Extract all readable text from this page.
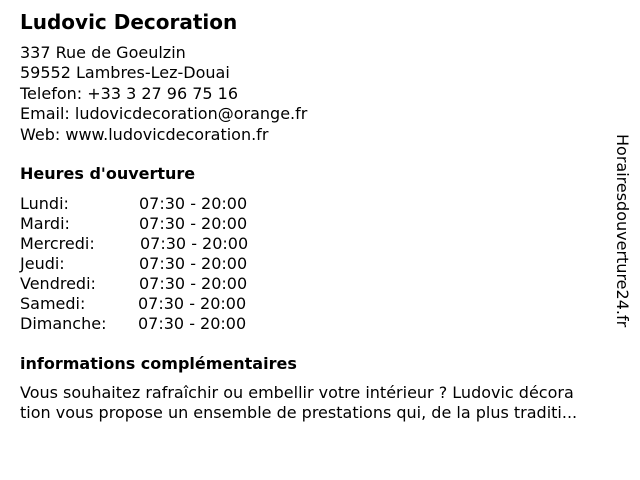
Ludovic Decoration
337 Rue de Goeulzin
59552 Lambres-Lez-Douai
Telefon: +33 3 27 96 75 16
Email: ludovicdecoration@orange.fr
Web: www.ludovicdecoration.fr
Heures d'ouverture
Lundi:	07:30 - 20:00
Mardi:	07:30 - 20:00
Mercredi:	07:30 - 20:00
Jeudi:	07:30 - 20:00
Vendredi:	07:30 - 20:00
Samedi:	07:30 - 20:00
Dimanche: 07:30 - 20:00
informations complémentaires
Vous souhaitez rafraîchir ou embellir votre intérieur ? Ludovic décora
tion vous propose un ensemble de prestations qui, de la plus traditi...
Horairesdouverture24.fr
